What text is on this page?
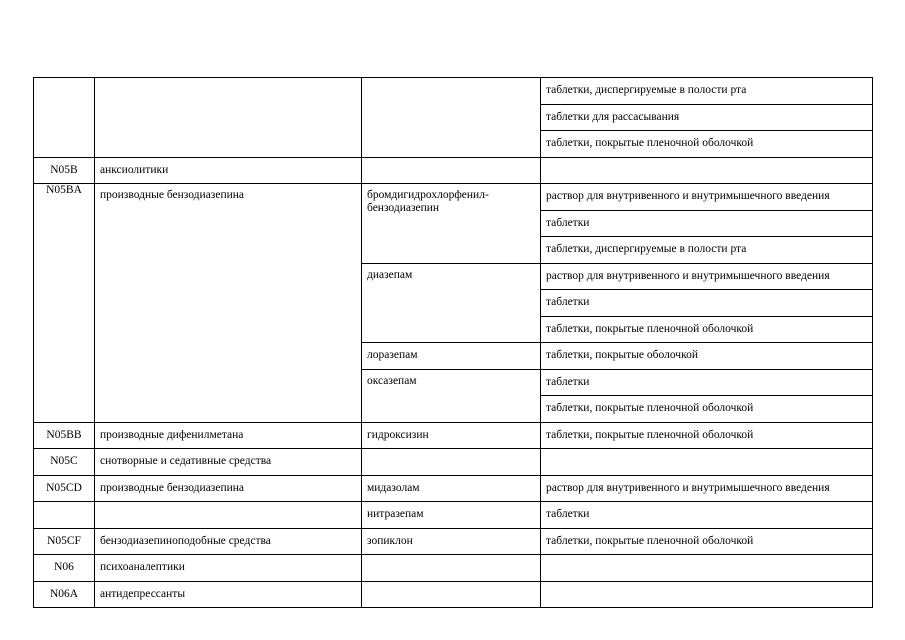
			таблетки, диспергируемые в полости рта
			таблетки для рассасывания
			таблетки, покрытые пленочной оболочкой
N05B	анксиолитики		
N05BA	производные бензодиазепина	бромдигидрохлорфенил-бензодиазепин	раствор для внутривенного и внутримышечного введения
			таблетки
			таблетки, диспергируемые в полости рта
		диазепам	раствор для внутривенного и внутримышечного введения
			таблетки
			таблетки, покрытые пленочной оболочкой
		лоразепам	таблетки, покрытые оболочкой
		оксазепам	таблетки
			таблетки, покрытые пленочной оболочкой
N05BB	производные дифенилметана	гидроксизин	таблетки, покрытые пленочной оболочкой
N05C	снотворные и седативные средства		
N05CD	производные бензодиазепина	мидазолам	раствор для внутривенного и внутримышечного введения
		нитразепам	таблетки
N05CF	бензодиазепиноподобные средства	зопиклон	таблетки, покрытые пленочной оболочкой
N06	психоаналептики		
N06A	антидепрессанты		
